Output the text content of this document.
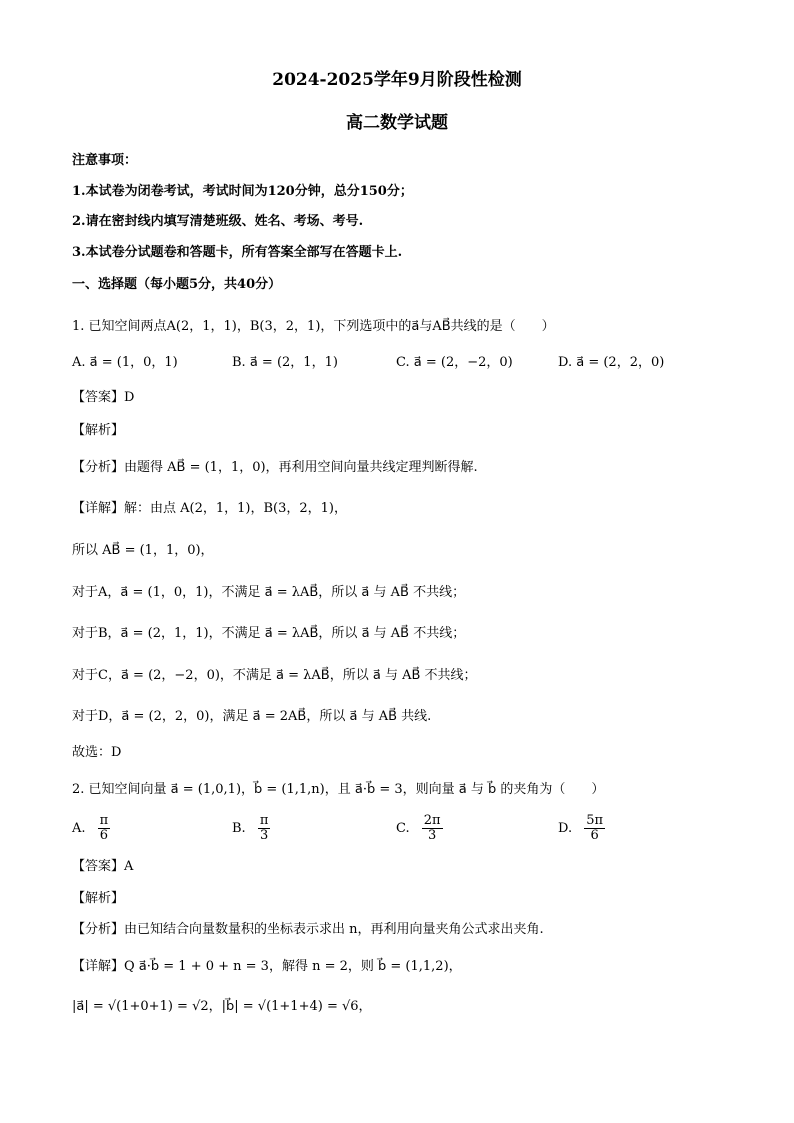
2024-2025学年9月阶段性检测
高二数学试题
注意事项：
1.本试卷为闭卷考试，考试时间为120分钟，总分150分；
2.请在密封线内填写清楚班级、姓名、考场、考号.
3.本试卷分试题卷和答题卡，所有答案全部写在答题卡上.
一、选择题（每小题5分，共40分）
1. 已知空间两点A(2，1，1)，B(3，2，1)，下列选项中的a⃗与AB⃗共线的是（　　）
A. a⃗ = (1，0，1)	B. a⃗ = (2，1，1)	C. a⃗ = (2，−2，0)	D. a⃗ = (2，2，0)
【答案】D
【解析】
【分析】由题得 AB⃗ = (1，1，0)，再利用空间向量共线定理判断得解.
【详解】解：由点 A(2，1，1)，B(3，2，1)，
所以 AB⃗ = (1，1，0)，
对于A，a⃗ = (1，0，1)，不满足 a⃗ = λAB⃗，所以 a⃗ 与 AB⃗ 不共线；
对于B，a⃗ = (2，1，1)，不满足 a⃗ = λAB⃗，所以 a⃗ 与 AB⃗ 不共线；
对于C，a⃗ = (2，−2，0)，不满足 a⃗ = λAB⃗，所以 a⃗ 与 AB⃗ 不共线；
对于D，a⃗ = (2，2，0)，满足 a⃗ = 2AB⃗，所以 a⃗ 与 AB⃗ 共线.
故选：D
2. 已知空间向量 a⃗ = (1,0,1)，b⃗ = (1,1,n)，且 a⃗·b⃗ = 3，则向量 a⃗ 与 b⃗ 的夹角为（　　）
A. $\frac{\pi}{6}$	B. $\frac{\pi}{3}$	C. $\frac{2\pi}{3}$	D. $\frac{5\pi}{6}$
【答案】A
【解析】
【分析】由已知结合向量数量积的坐标表示求出 n，再利用向量夹角公式求出夹角.
【详解】Q a⃗·b⃗ = 1 + 0 + n = 3，解得 n = 2，则 b⃗ = (1,1,2)，
|a⃗| = √(1+0+1) = √2，|b⃗| = √(1+1+4) = √6，
